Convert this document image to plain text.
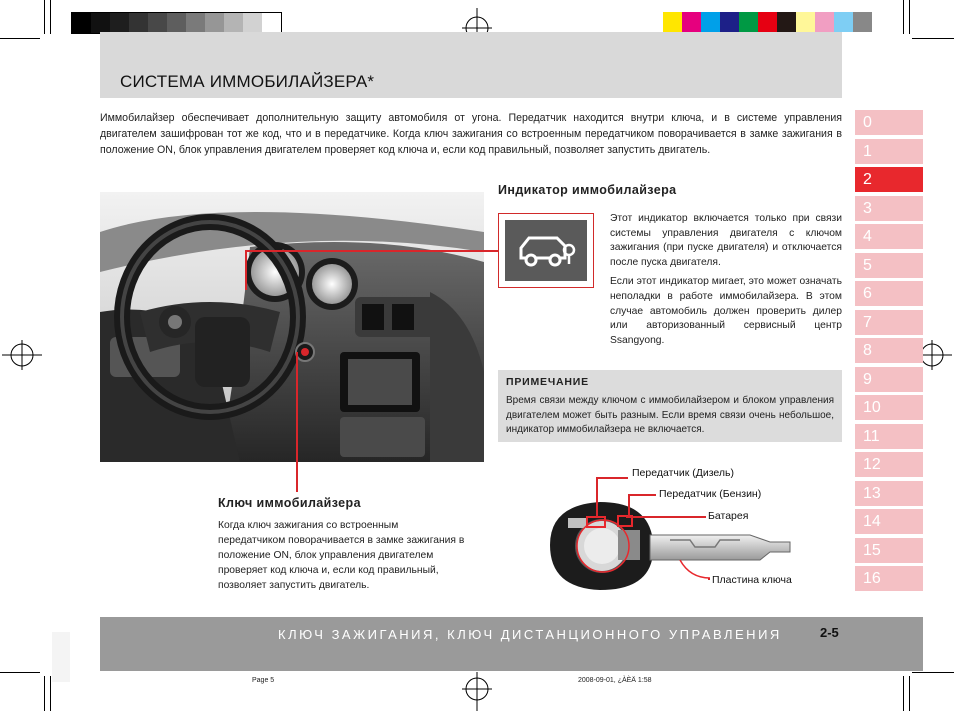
СИСТЕМА ИММОБИЛАЙЗЕРА*
Иммобилайзер обеспечивает дополнительную защиту автомобиля от угона. Передатчик находится внутри ключа, и в системе управления двигателем зашифрован тот же код, что и в передатчике. Когда ключ зажигания со встроенным передатчиком поворачивается в замке зажигания в положение ON, блок управления двигателем проверяет код ключа и, если код правильный, позволяет запустить двигатель.
0
1
2
3
4
5
6
7
8
9
10
11
12
13
14
15
16
Индикатор иммобилайзера

Этот индикатор включается только при связи системы управления двигателя с ключом зажигания (при пуске двигателя) и отключается после пуска двигателя.

Если этот индикатор мигает, это может означать неполадки в работе иммобилайзера. В этом случае автомобиль должен проверить дилер или авторизованный сервисный центр Ssangyong.

ПРИМЕЧАНИЕ
Время связи между ключом с иммобилайзером и блоком управления двигателем может быть разным. Если время связи очень небольшое, индикатор иммобилайзера не включается.
Ключ иммобилайзера
Когда ключ зажигания со встроенным передатчиком поворачивается в замке зажигания в положение ON, блок управления двигателем проверяет код ключа и, если код правильный, позволяет запустить двигатель.
Передатчик (Дизель)
Передатчик (Бензин)
Батарея
Пластина ключа
КЛЮЧ ЗАЖИГАНИЯ, КЛЮЧ ДИСТАНЦИОННОГО УПРАВЛЕНИЯ	2-5
Page 5	2008-09-01, ¿ÀÈÄ 1:58
